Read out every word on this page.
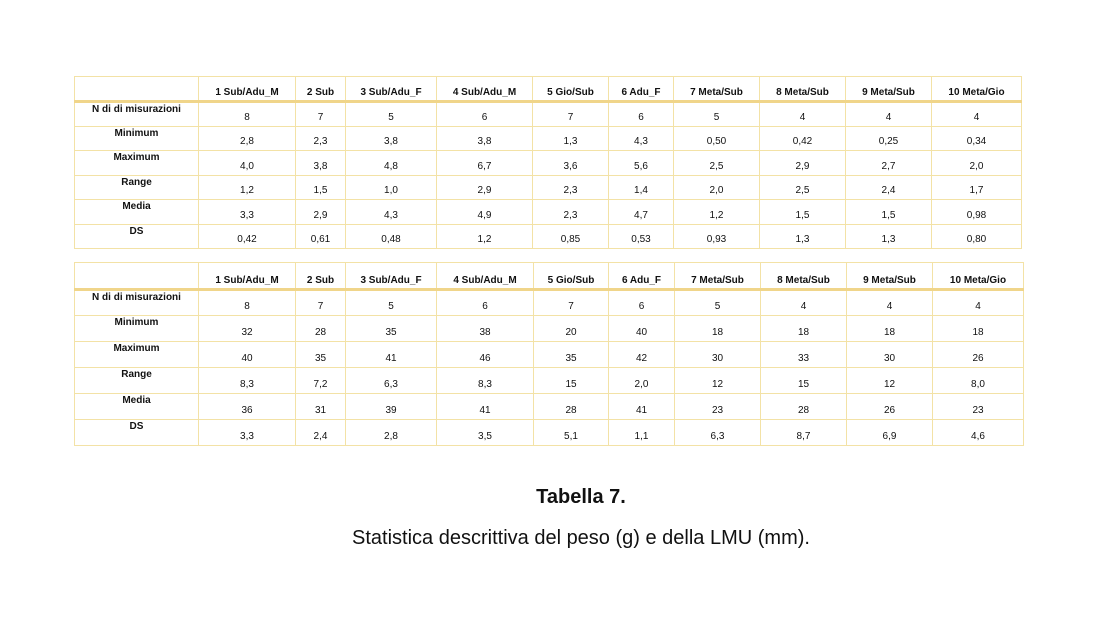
	1 Sub/Adu_M	2 Sub	3 Sub/Adu_F	4 Sub/Adu_M	5 Gio/Sub	6 Adu_F	7 Meta/Sub	8 Meta/Sub	9 Meta/Sub	10 Meta/Gio
N di di misurazioni	8	7	5	6	7	6	5	4	4	4
Minimum	2,8	2,3	3,8	3,8	1,3	4,3	0,50	0,42	0,25	0,34
Maximum	4,0	3,8	4,8	6,7	3,6	5,6	2,5	2,9	2,7	2,0
Range	1,2	1,5	1,0	2,9	2,3	1,4	2,0	2,5	2,4	1,7
Media	3,3	2,9	4,3	4,9	2,3	4,7	1,2	1,5	1,5	0,98
DS	0,42	0,61	0,48	1,2	0,85	0,53	0,93	1,3	1,3	0,80
	1 Sub/Adu_M	2 Sub	3 Sub/Adu_F	4 Sub/Adu_M	5 Gio/Sub	6 Adu_F	7 Meta/Sub	8 Meta/Sub	9 Meta/Sub	10 Meta/Gio
N di di misurazioni	8	7	5	6	7	6	5	4	4	4
Minimum	32	28	35	38	20	40	18	18	18	18
Maximum	40	35	41	46	35	42	30	33	30	26
Range	8,3	7,2	6,3	8,3	15	2,0	12	15	12	8,0
Media	36	31	39	41	28	41	23	28	26	23
DS	3,3	2,4	2,8	3,5	5,1	1,1	6,3	8,7	6,9	4,6
Tabella 7.
Statistica descrittiva del peso (g) e della LMU (mm).
